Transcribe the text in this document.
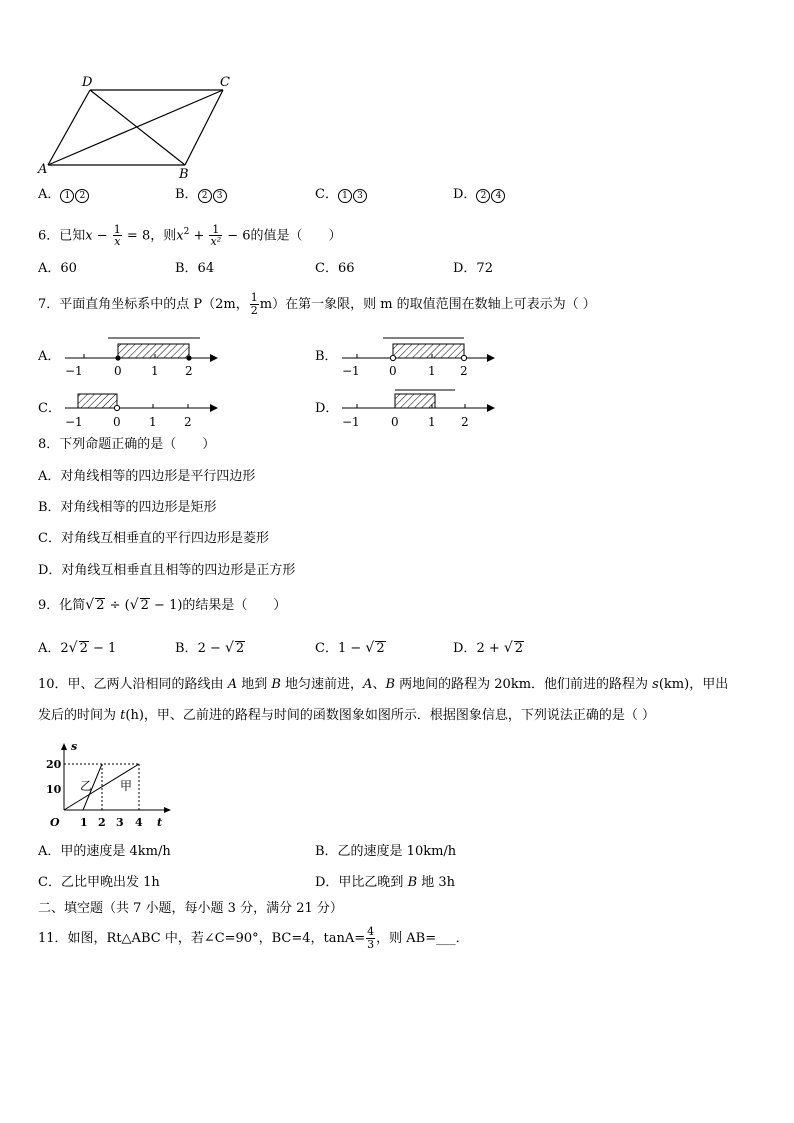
D	C
A	B
A． 1 2	B． 2 3	C． 1 3	D． 2 4
6．已知$x - \frac{1}{x} = 8$，则$x^2 + \frac{1}{\text{x²}} - 6$的值是（　　）
A．60	B．64	C．66	D．72
7．平面直角坐标系中的点 P（2m， $\frac{1}{2} m$）在第一象限，则 m 的取值范围在数轴上可表示为（ ）
A．
−1	0 1 2
B．
−1 0	1 2
C．
−1	0 1 2
D．
−1	0 1 2
8．下列命题正确的是（　　）
A．对角线相等的四边形是平行四边形
B．对角线相等的四边形是矩形
C．对角线互相垂直的平行四边形是菱形
D．对角线互相垂直且相等的四边形是正方形
9．化简√ 2 ÷ (√ 2 − 1)的结果是（　　）
A．2√ 2 − 1	B．2 − √ 2	C．1 − √ 2	D．2 + √ 2
10．甲、乙两人沿相同的路线由 A 地到 B 地匀速前进，A、B 两地间的路程为 20km．他们前进的路程为 s(km)，甲出
发后的时间为 t(h)，甲、乙前进的路程与时间的函数图象如图所示．根据图象信息，下列说法正确的是（ ）
s
t
O
20
10
1 2 3 4
乙 甲
A．甲的速度是 4km/h	B．乙的速度是 10km/h
C．乙比甲晚出发 1h	D．甲比乙晚到 B 地 3h
二、填空题（共 7 小题，每小题 3 分，满分 21 分）
11．如图，Rt△ABC 中，若∠C=90°，BC=4，$\tan A= \frac{4}{3}$ ，则 AB=___．
